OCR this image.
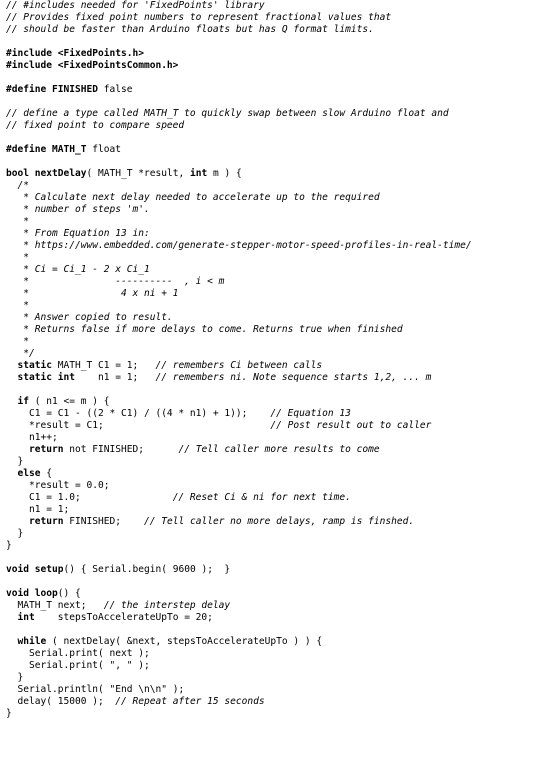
// #includes needed for 'FixedPoints' library
// Provides fixed point numbers to represent fractional values that
// should be faster than Arduino floats but has Q format limits.

#include <FixedPoints.h>
#include <FixedPointsCommon.h>

#define FINISHED false

// define a type called MATH_T to quickly swap between slow Arduino float and
// fixed point to compare speed

#define MATH_T float

bool nextDelay( MATH_T *result, int m ) {
/*
* Calculate next delay needed to accelerate up to the required
* number of steps 'm'.
*
* From Equation 13 in:
* https://www.embedded.com/generate-stepper-motor-speed-profiles-in-real-time/
*
* Ci = Ci_1 - 2 x Ci_1
*               ----------  , i < m
*                4 x ni + 1
*
* Answer copied to result.
* Returns false if more delays to come. Returns true when finished
*
*/
static MATH_T C1 = 1;   // remembers Ci between calls
static int    n1 = 1;   // remembers ni. Note sequence starts 1,2, ... m

if ( n1 <= m ) {
C1 = C1 - ((2 * C1) / ((4 * n1) + 1));    // Equation 13
*result = C1;                             // Post result out to caller
n1++;
return not FINISHED;      // Tell caller more results to come
}
else {
*result = 0.0;
C1 = 1.0;                // Reset Ci & ni for next time.
n1 = 1;
return FINISHED;    // Tell caller no more delays, ramp is finshed.
}
}

void setup() { Serial.begin( 9600 );  }

void loop() {
MATH_T next;   // the interstep delay
int    stepsToAccelerateUpTo = 20;

while ( nextDelay( &next, stepsToAccelerateUpTo ) ) {
Serial.print( next );
Serial.print( ", " );
}
Serial.println( "End \n\n" );
delay( 15000 );  // Repeat after 15 seconds
}
